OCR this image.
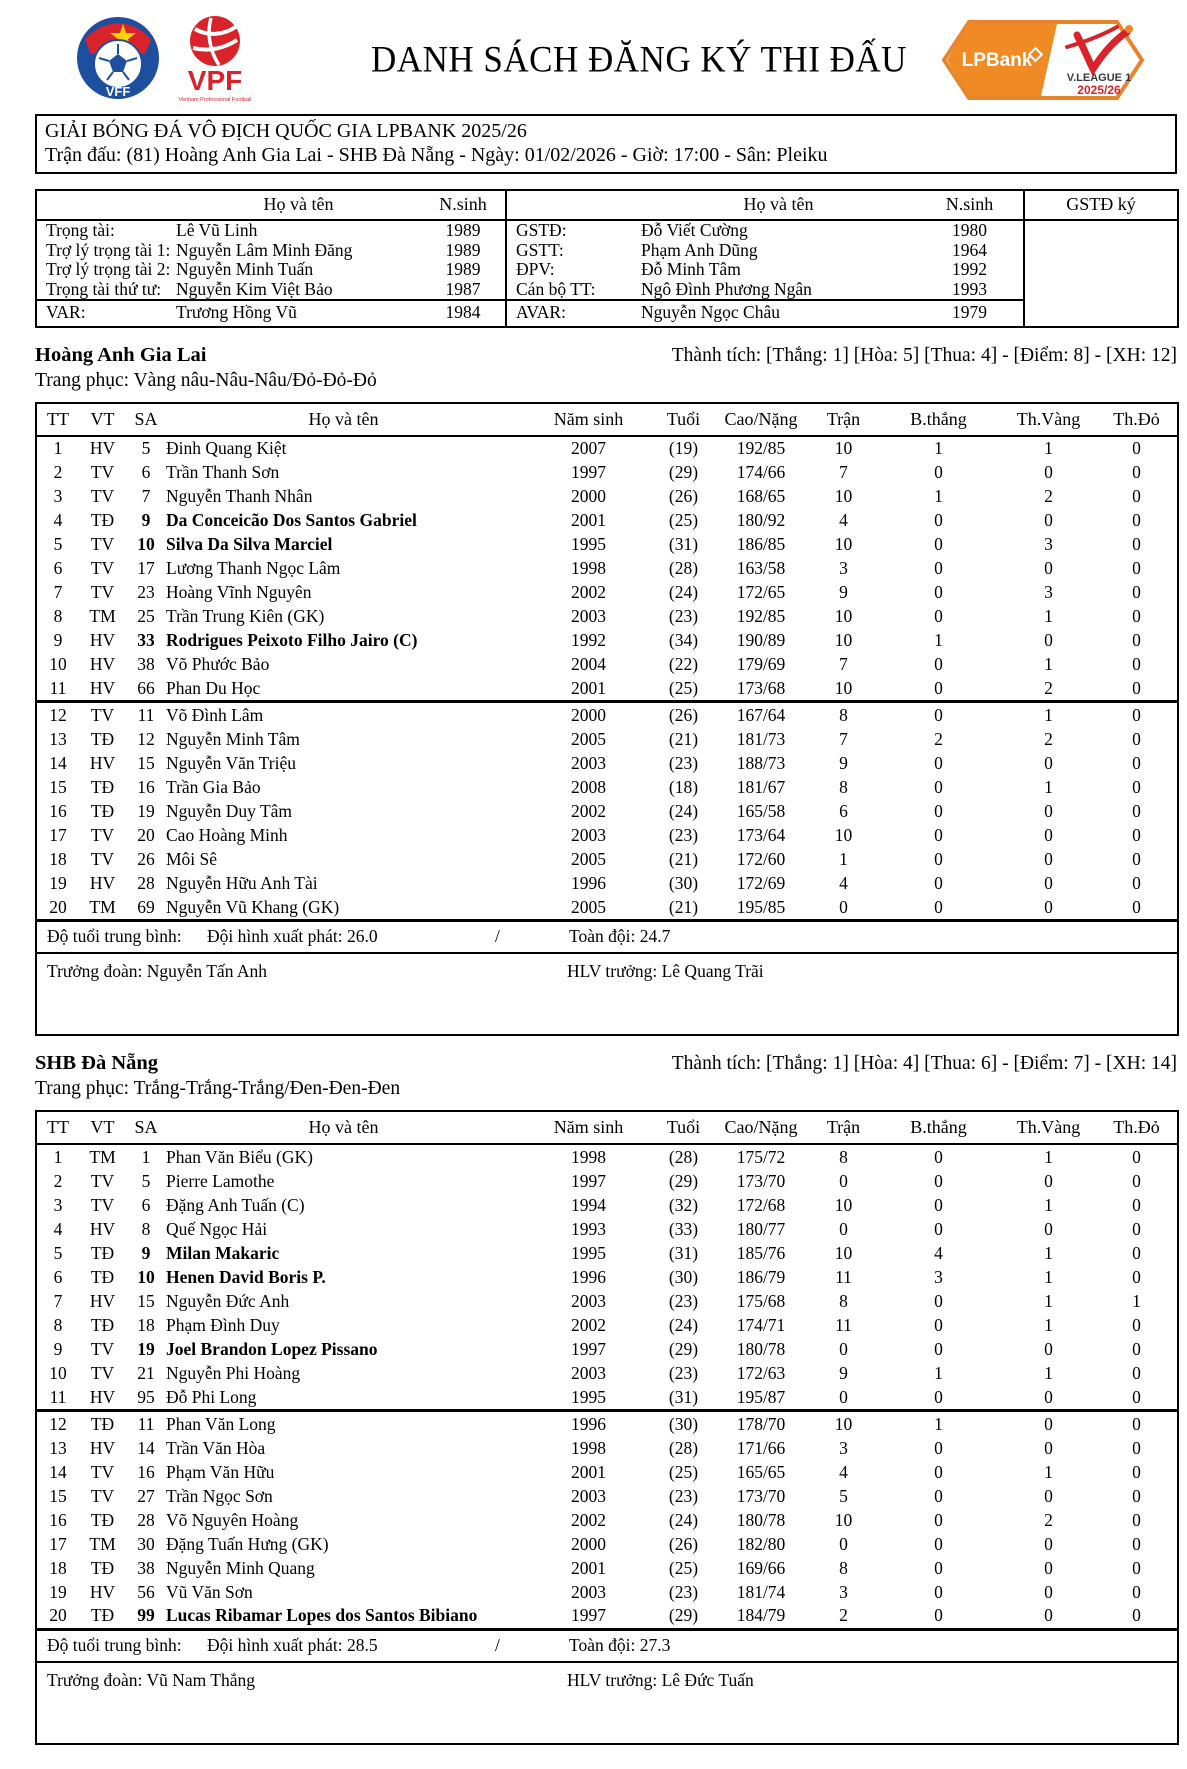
VFF VPF
Vietnam Professional Football
DANH SÁCH ĐĂNG KÝ THI ĐẤU	LPBank
V.LEAGUE 1
2025/26
GIẢI BÓNG ĐÁ VÔ ĐỊCH QUỐC GIA LPBANK 2025/26
Trận đấu: (81) Hoàng Anh Gia Lai - SHB Đà Nẵng - Ngày: 01/02/2026 - Giờ: 17:00 - Sân: Pleiku
	Họ và tên	N.sinh		Họ và tên	N.sinh	GSTĐ ký
Trọng tài:	Lê Vũ Linh	1989	GSTĐ:	Đỗ Viết Cường	1980	
Trợ lý trọng tài 1:	Nguyễn Lâm Minh Đăng	1989	GSTT:	Phạm Anh Dũng	1964	
Trợ lý trọng tài 2:	Nguyễn Minh Tuấn	1989	ĐPV:	Đỗ Minh Tâm	1992	
Trọng tài thứ tư:	Nguyễn Kim Việt Bảo	1987	Cán bộ TT:	Ngô Đình Phương Ngân	1993	
VAR:	Trương Hồng Vũ	1984	AVAR:	Nguyễn Ngọc Châu	1979	
Hoàng Anh Gia Lai	Thành tích: [Thắng: 1] [Hòa: 5] [Thua: 4] - [Điểm: 8] - [XH: 12]
Trang phục: Vàng nâu-Nâu-Nâu/Đỏ-Đỏ-Đỏ
TT	VT	SA	Họ và tên	Năm sinh	Tuổi	Cao/Nặng	Trận	B.thắng	Th.Vàng	Th.Đỏ
1	HV	5	Đinh Quang Kiệt	2007	(19)	192/85	10	1	1	0
2	TV	6	Trần Thanh Sơn	1997	(29)	174/66	7	0	0	0
3	TV	7	Nguyễn Thanh Nhân	2000	(26)	168/65	10	1	2	0
4	TĐ	9	Da Conceicão Dos Santos Gabriel	2001	(25)	180/92	4	0	0	0
5	TV	10	Silva Da Silva Marciel	1995	(31)	186/85	10	0	3	0
6	TV	17	Lương Thanh Ngọc Lâm	1998	(28)	163/58	3	0	0	0
7	TV	23	Hoàng Vĩnh Nguyên	2002	(24)	172/65	9	0	3	0
8	TM	25	Trần Trung Kiên (GK)	2003	(23)	192/85	10	0	1	0
9	HV	33	Rodrigues Peixoto Filho Jairo (C)	1992	(34)	190/89	10	1	0	0
10	HV	38	Võ Phước Bảo	2004	(22)	179/69	7	0	1	0
11	HV	66	Phan Du Học	2001	(25)	173/68	10	0	2	0
12	TV	11	Võ Đình Lâm	2000	(26)	167/64	8	0	1	0
13	TĐ	12	Nguyễn Minh Tâm	2005	(21)	181/73	7	2	2	0
14	HV	15	Nguyễn Văn Triệu	2003	(23)	188/73	9	0	0	0
15	TĐ	16	Trần Gia Bảo	2008	(18)	181/67	8	0	1	0
16	TĐ	19	Nguyễn Duy Tâm	2002	(24)	165/58	6	0	0	0
17	TV	20	Cao Hoàng Minh	2003	(23)	173/64	10	0	0	0
18	TV	26	Môi Sê	2005	(21)	172/60	1	0	0	0
19	HV	28	Nguyễn Hữu Anh Tài	1996	(30)	172/69	4	0	0	0
20	TM	69	Nguyễn Vũ Khang (GK)	2005	(21)	195/85	0	0	0	0
Độ tuổi trung bình: Đội hình xuất phát: 26.0 / Toàn đội: 24.7										
Trưởng đoàn: Nguyễn Tấn Anh HLV trưởng: Lê Quang Trãi										
SHB Đà Nẵng	Thành tích: [Thắng: 1] [Hòa: 4] [Thua: 6] - [Điểm: 7] - [XH: 14]
Trang phục: Trắng-Trắng-Trắng/Đen-Đen-Đen
TT	VT	SA	Họ và tên	Năm sinh	Tuổi	Cao/Nặng	Trận	B.thắng	Th.Vàng	Th.Đỏ
1	TM	1	Phan Văn Biểu (GK)	1998	(28)	175/72	8	0	1	0
2	TV	5	Pierre Lamothe	1997	(29)	173/70	0	0	0	0
3	TV	6	Đặng Anh Tuấn (C)	1994	(32)	172/68	10	0	1	0
4	HV	8	Quế Ngọc Hải	1993	(33)	180/77	0	0	0	0
5	TĐ	9	Milan Makaric	1995	(31)	185/76	10	4	1	0
6	TĐ	10	Henen David Boris P.	1996	(30)	186/79	11	3	1	0
7	HV	15	Nguyễn Đức Anh	2003	(23)	175/68	8	0	1	1
8	TĐ	18	Phạm Đình Duy	2002	(24)	174/71	11	0	1	0
9	TV	19	Joel Brandon Lopez Pissano	1997	(29)	180/78	0	0	0	0
10	TV	21	Nguyễn Phi Hoàng	2003	(23)	172/63	9	1	1	0
11	HV	95	Đỗ Phi Long	1995	(31)	195/87	0	0	0	0
12	TĐ	11	Phan Văn Long	1996	(30)	178/70	10	1	0	0
13	HV	14	Trần Văn Hòa	1998	(28)	171/66	3	0	0	0
14	TV	16	Phạm Văn Hữu	2001	(25)	165/65	4	0	1	0
15	TV	27	Trần Ngọc Sơn	2003	(23)	173/70	5	0	0	0
16	TĐ	28	Võ Nguyên Hoàng	2002	(24)	180/78	10	0	2	0
17	TM	30	Đặng Tuấn Hưng (GK)	2000	(26)	182/80	0	0	0	0
18	TĐ	38	Nguyễn Minh Quang	2001	(25)	169/66	8	0	0	0
19	HV	56	Vũ Văn Sơn	2003	(23)	181/74	3	0	0	0
20	TĐ	99	Lucas Ribamar Lopes dos Santos Bibiano	1997	(29)	184/79	2	0	0	0
Độ tuổi trung bình: Đội hình xuất phát: 28.5 / Toàn đội: 27.3										
Trưởng đoàn: Vũ Nam Thắng HLV trưởng: Lê Đức Tuấn										
